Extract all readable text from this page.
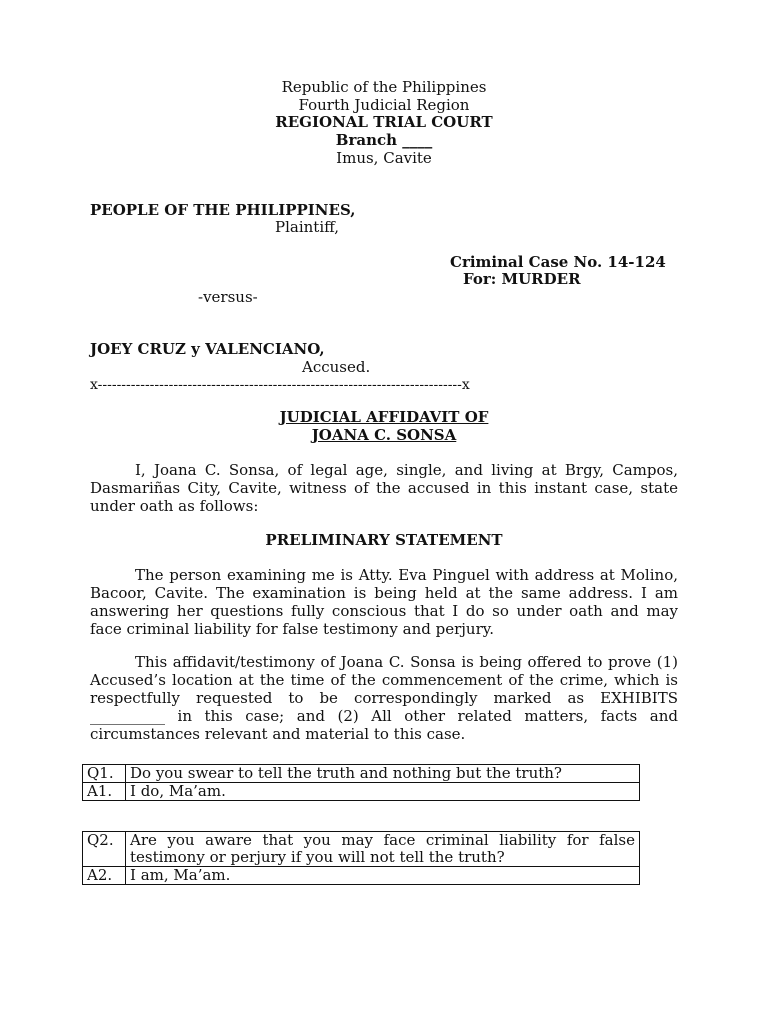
Republic of the Philippines
Fourth Judicial Region
REGIONAL TRIAL COURT
Branch ____
Imus, Cavite
PEOPLE OF THE PHILIPPINES,
Plaintiff,
Criminal Case No. 14-124
For: MURDER
-versus-
JOEY CRUZ y VALENCIANO,
Accused.
x-----------------------------------------------------------------------------x
JUDICIAL AFFIDAVIT OF
JOANA C. SONSA
I, Joana C. Sonsa, of legal age, single, and living at Brgy, Campos, Dasmariñas City, Cavite, witness of the accused in this instant case, state under oath as follows:
PRELIMINARY STATEMENT
The person examining me is Atty. Eva Pinguel with address at Molino, Bacoor, Cavite. The examination is being held at the same address. I am answering her questions fully conscious that I do so under oath and may face criminal liability for false testimony and perjury.
This affidavit/testimony of Joana C. Sonsa is being offered to prove (1) Accused’s location at the time of the commencement of the crime, which is respectfully requested to be correspondingly marked as EXHIBITS __________ in this case; and (2) All other related matters, facts and circumstances relevant and material to this case.
Q1.	Do you swear to tell the truth and nothing but the truth?
A1.	I do, Ma’am.
Q2.	Are you aware that you may face criminal liability for false testimony or perjury if you will not tell the truth?
A2.	I am, Ma’am.
